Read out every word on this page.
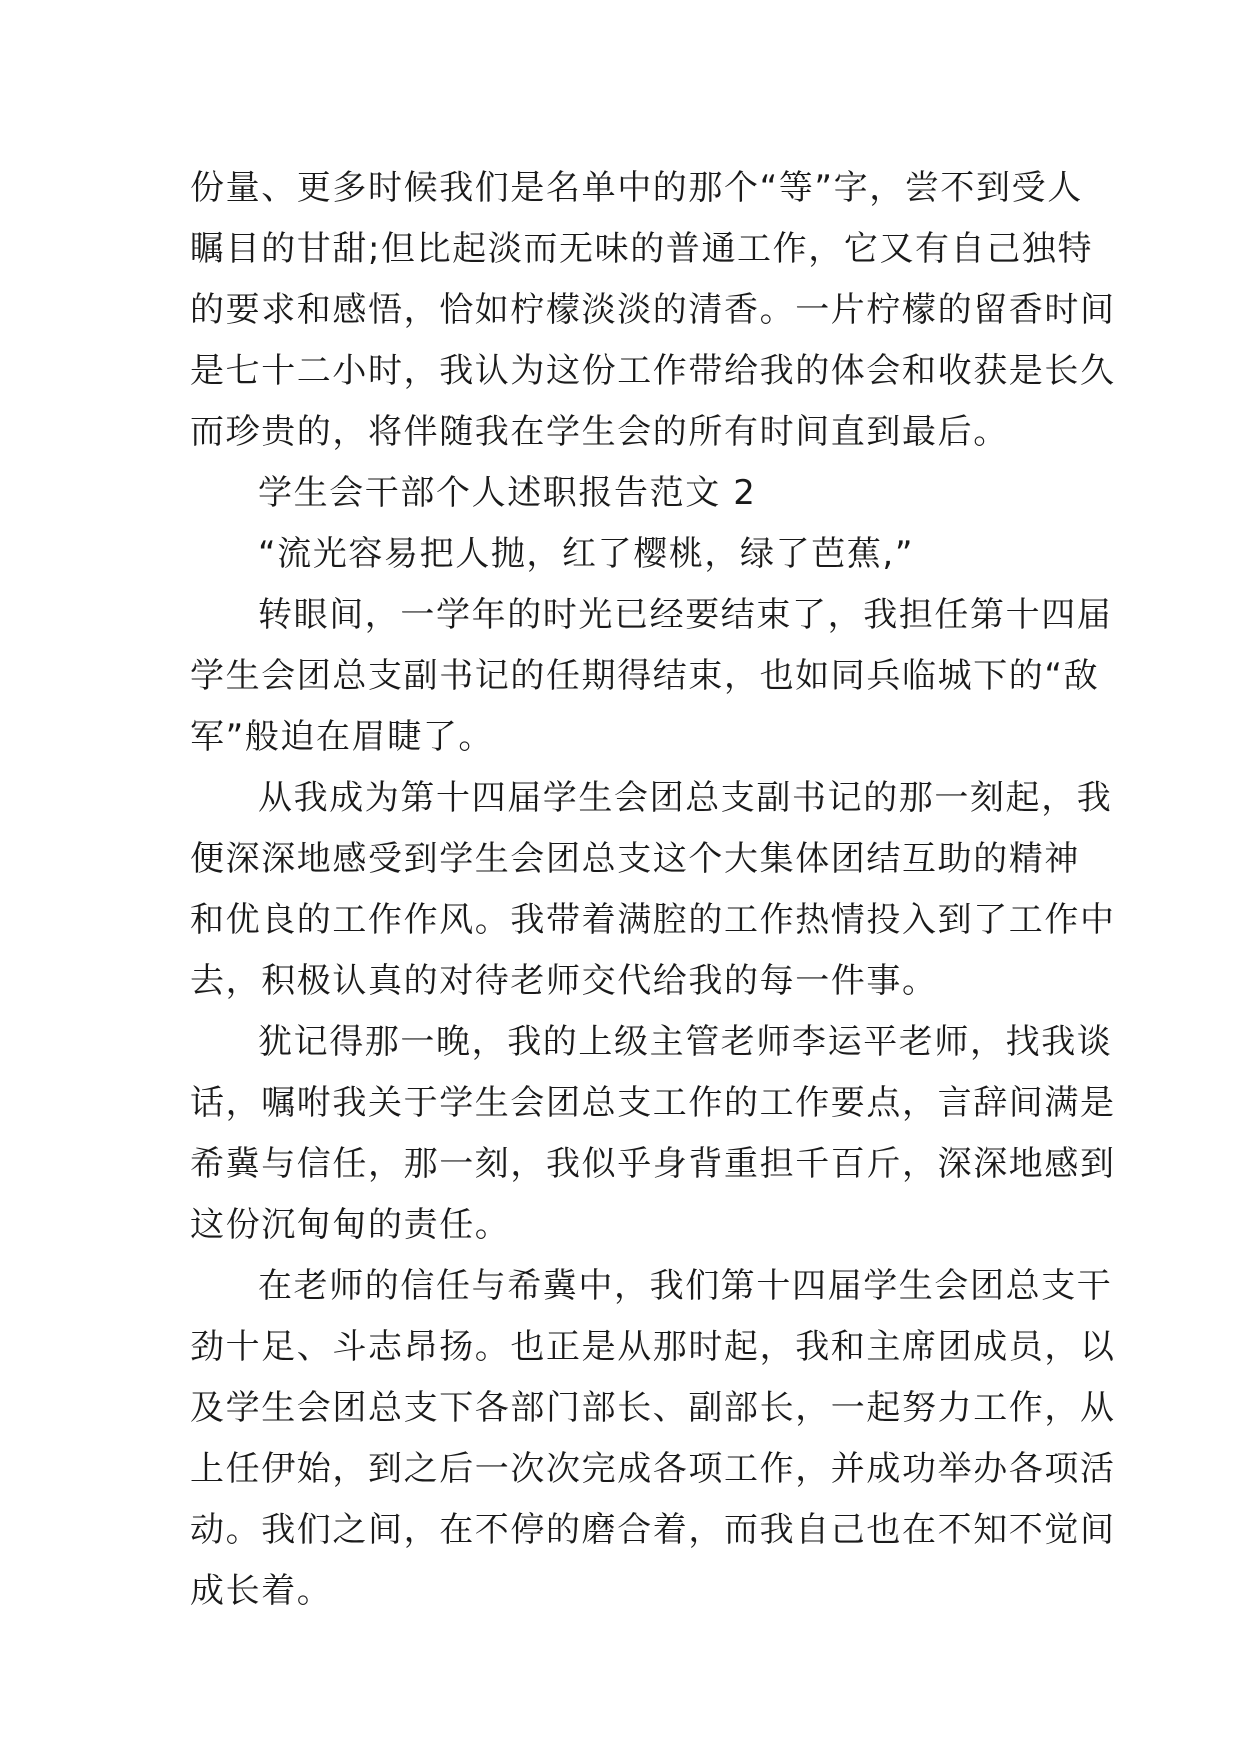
份量、更多时候我们是名单中的那个“等”字，尝不到受人
瞩目的甘甜;但比起淡而无味的普通工作，它又有自己独特
的要求和感悟，恰如柠檬淡淡的清香。一片柠檬的留香时间
是七十二小时，我认为这份工作带给我的体会和收获是长久
而珍贵的，将伴随我在学生会的所有时间直到最后。
学生会干部个人述职报告范文 2
“流光容易把人抛，红了樱桃，绿了芭蕉,”
转眼间，一学年的时光已经要结束了，我担任第十四届
学生会团总支副书记的任期得结束，也如同兵临城下的“敌
军”般迫在眉睫了。
从我成为第十四届学生会团总支副书记的那一刻起，我
便深深地感受到学生会团总支这个大集体团结互助的精神
和优良的工作作风。我带着满腔的工作热情投入到了工作中
去，积极认真的对待老师交代给我的每一件事。
犹记得那一晚，我的上级主管老师李运平老师，找我谈
话，嘱咐我关于学生会团总支工作的工作要点，言辞间满是
希冀与信任，那一刻，我似乎身背重担千百斤，深深地感到
这份沉甸甸的责任。
在老师的信任与希冀中，我们第十四届学生会团总支干
劲十足、斗志昂扬。也正是从那时起，我和主席团成员，以
及学生会团总支下各部门部长、副部长，一起努力工作，从
上任伊始，到之后一次次完成各项工作，并成功举办各项活
动。我们之间，在不停的磨合着，而我自己也在不知不觉间
成长着。
